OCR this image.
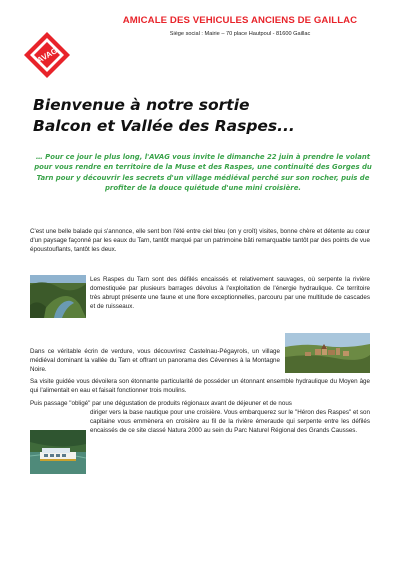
AVAG
AMICALE DES VEHICULES ANCIENS DE GAILLAC
Siège social : Mairie – 70 place Hautpoul - 81600 Gaillac
Bienvenue à notre sortie
Balcon et Vallée des Raspes...
… Pour ce jour le plus long, l'AVAG vous invite le dimanche 22 juin à prendre le volant pour vous rendre en territoire de la Muse et des Raspes, une continuité des Gorges du Tarn pour y découvrir les secrets d'un village médiéval perché sur son rocher, puis de profiter de la douce quiétude d'une mini croisière.
C'est une belle balade qui s'annonce, elle sent bon l'été entre ciel bleu (on y croît) visites, bonne chère et détente au cœur d'un paysage façonné par les eaux du Tarn, tantôt marqué par un patrimoine bâti remarquable tantôt par des points de vue époustouflants, tantôt les deux.
Les Raspes du Tarn sont des défilés encaissés et relativement sauvages, où serpente la rivière domestiquée par plusieurs barrages dévolus à l'exploitation de l'énergie hydraulique. Ce territoire très abrupt présente une faune et une flore exceptionnelles, parcouru par une multitude de cascades et de ruisseaux.
Dans ce véritable écrin de verdure, vous découvrirez Castelnau-Pégayrols, un village médiéval dominant la vallée du Tarn et offrant un panorama des Cévennes à la Montagne Noire.
Sa visite guidée vous dévoilera son étonnante particularité de posséder un étonnant ensemble hydraulique du Moyen âge qui l'alimentait en eau et faisait fonctionner trois moulins.
Puis passage "obligé" par une dégustation de produits régionaux avant de déjeuner et de nous
diriger vers la base nautique pour une croisière. Vous embarquerez sur le "Héron des Raspes" et son capitaine vous emmènera en croisière au fil de la rivière émeraude qui serpente entre les défilés encaissés de ce site classé Natura 2000 au sein du Parc Naturel Régional des Grands Causses.
